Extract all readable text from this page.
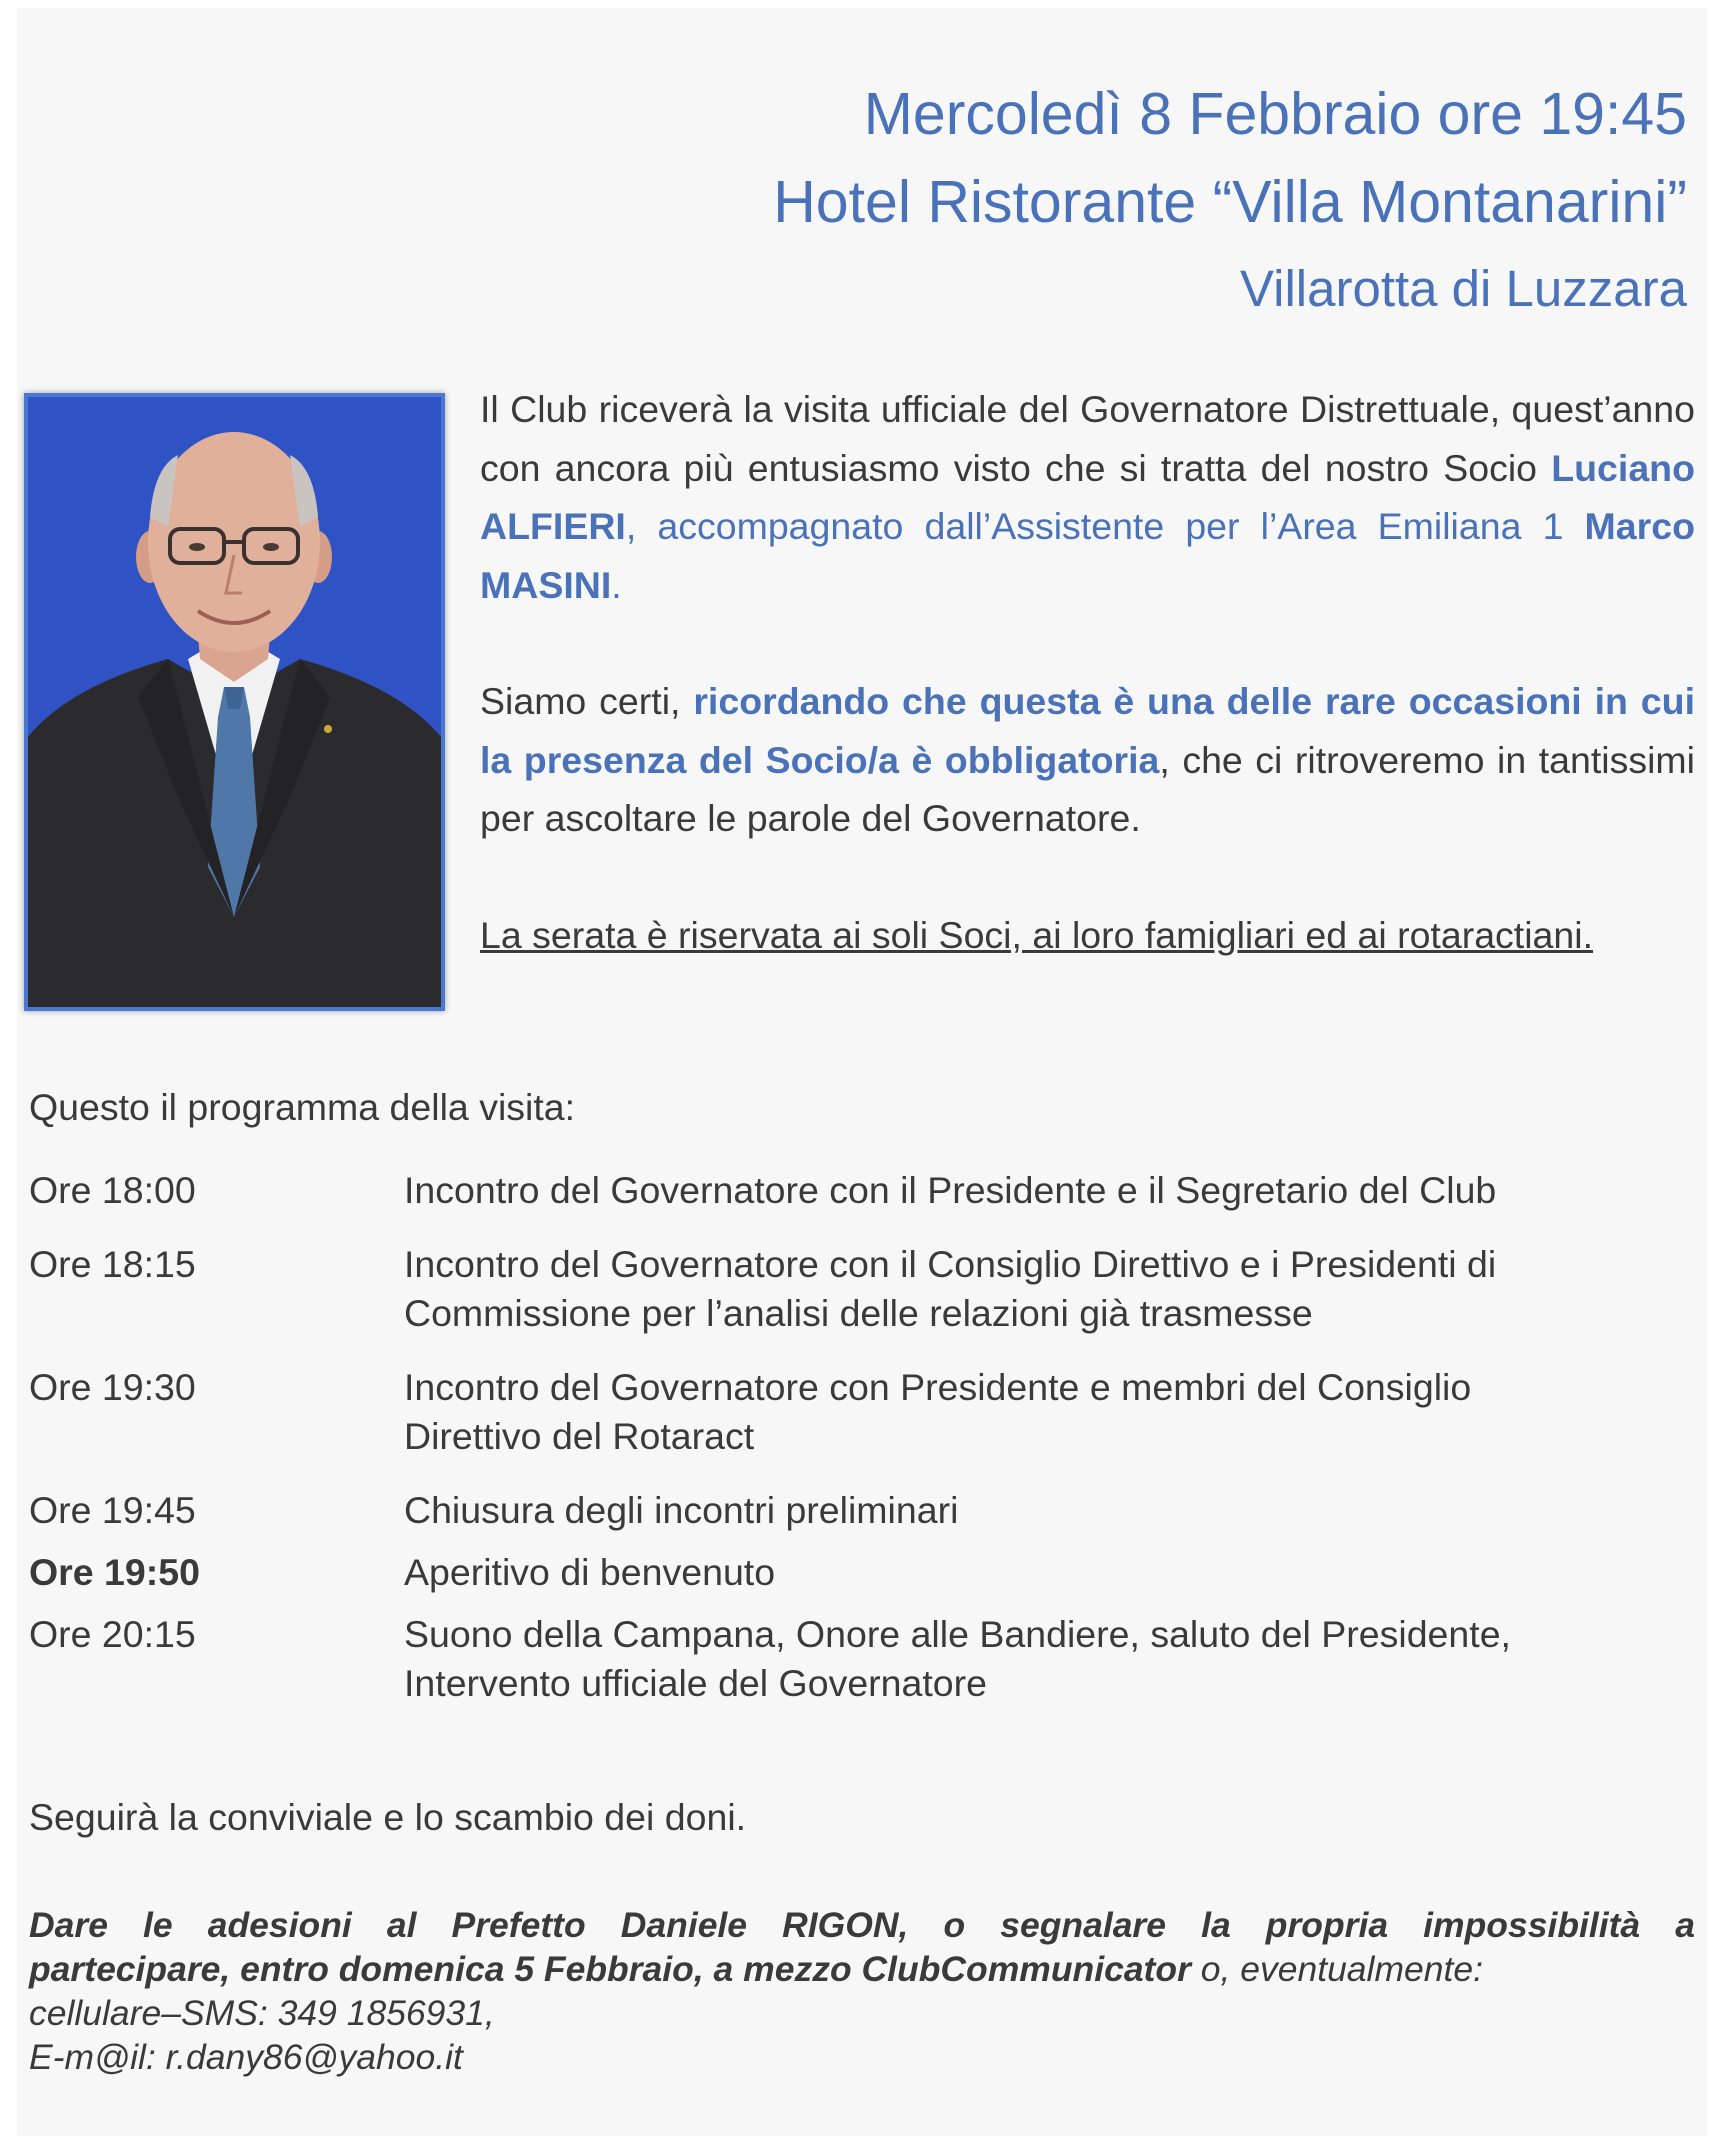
Mercoledì 8 Febbraio ore 19:45
Hotel Ristorante “Villa Montanarini”
Villarotta di Luzzara

Il Club riceverà la visita ufficiale del Governatore Distrettuale, quest’anno con ancora più entusiasmo visto che si tratta del nostro Socio Luciano ALFIERI, accompagnato dall’Assistente per l’Area Emiliana 1 Marco MASINI.

Siamo certi, ricordando che questa è una delle rare occasioni in cui la presenza del Socio/a è obbligatoria, che ci ritroveremo in tantissimi per ascoltare le parole del Governatore.

La serata è riservata ai soli Soci, ai loro famigliari ed ai rotaractiani.

Questo il programma della visita:
Ore 18:00	Incontro del Governatore con il Presidente e il Segretario del Club
Ore 18:15	Incontro del Governatore con il Consiglio Direttivo e i Presidenti di Commissione per l’analisi delle relazioni già trasmesse
Ore 19:30	Incontro del Governatore con Presidente e membri del Consiglio Direttivo del Rotaract
Ore 19:45	Chiusura degli incontri preliminari
Ore 19:50	Aperitivo di benvenuto
Ore 20:15	Suono della Campana, Onore alle Bandiere, saluto del Presidente, Intervento ufficiale del Governatore
Seguirà la conviviale e lo scambio dei doni.
Dare le adesioni al Prefetto Daniele RIGON, o segnalare la propria impossibilità a
partecipare, entro domenica 5 Febbraio, a mezzo ClubCommunicator o, eventualmente:
cellulare–SMS: 349 1856931,
E-m@il: r.dany86@yahoo.it
